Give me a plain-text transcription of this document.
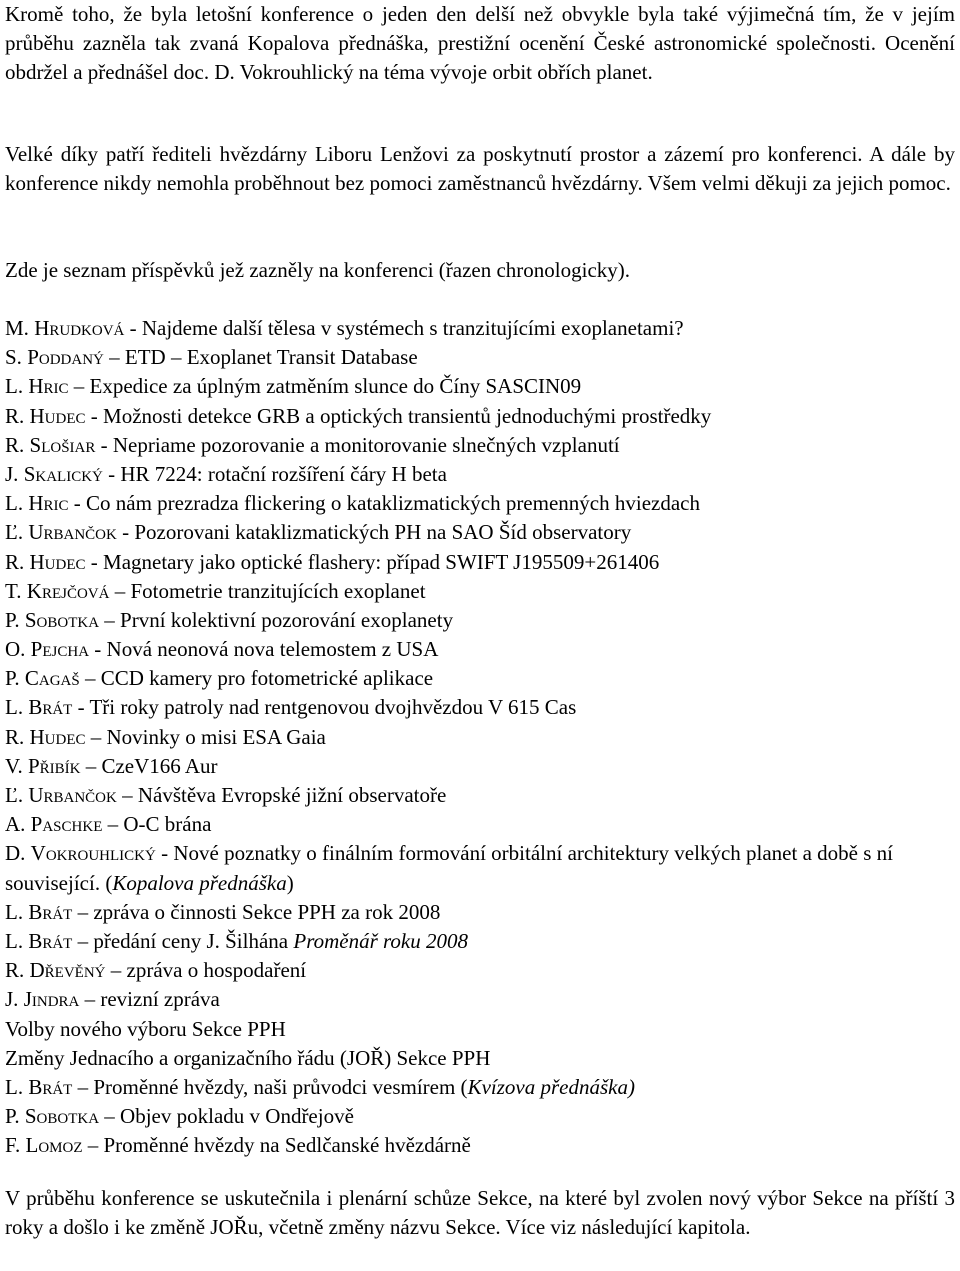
Kromě toho, že byla letošní konference o jeden den delší než obvykle byla také výjimečná tím, že v jejím průběhu zazněla tak zvaná Kopalova přednáška, prestižní ocenění České astronomické společnosti. Ocenění obdržel a přednášel doc. D. Vokrouhlický na téma vývoje orbit obřích planet.

Velké díky patří řediteli hvězdárny Liboru Lenžovi za poskytnutí prostor a zázemí pro konferenci. A dále by konference nikdy nemohla proběhnout bez pomoci zaměstnanců hvězdárny. Všem velmi děkuji za jejich pomoc.

Zde je seznam příspěvků jež zazněly na konferenci (řazen chronologicky).

M. Hrudková - Najdeme další tělesa v systémech s tranzitujícími exoplanetami?
S. Poddaný – ETD – Exoplanet Transit Database
L. Hric – Expedice za úplným zatměním slunce do Číny SASCIN09
R. Hudec - Možnosti detekce GRB a optických transientů jednoduchými prostředky
R. Slošiar - Nepriame pozorovanie a monitorovanie slnečných vzplanutí
J. Skalický - HR 7224: rotační rozšíření čáry H beta
L. Hric - Co nám prezradza flickering o kataklizmatických premenných hviezdach
Ľ. Urbančok - Pozorovani kataklizmatických PH na SAO Šíd observatory
R. Hudec - Magnetary jako optické flashery: případ SWIFT J195509+261406
T. Krejčová – Fotometrie tranzitujících exoplanet
P. Sobotka – První kolektivní pozorování exoplanety
O. Pejcha - Nová neonová nova telemostem z USA
P. Cagaš – CCD kamery pro fotometrické aplikace
L. Brát - Tři roky patroly nad rentgenovou dvojhvězdou V 615 Cas
R. Hudec – Novinky o misi ESA Gaia
V. Přibík – CzeV166 Aur
Ľ. Urbančok – Návštěva Evropské jižní observatoře
A. Paschke – O-C brána
D. Vokrouhlický - Nové poznatky o finálním formování orbitální architektury velkých planet a době s ní související. (Kopalova přednáška)
L. Brát – zpráva o činnosti Sekce PPH za rok 2008
L. Brát – předání ceny J. Šilhána Proměnář roku 2008
R. Dřevěný – zpráva o hospodaření
J. Jindra – revizní zpráva
Volby nového výboru Sekce PPH
Změny Jednacího a organizačního řádu (JOŘ) Sekce PPH
L. Brát – Proměnné hvězdy, naši průvodci vesmírem (Kvízova přednáška)
P. Sobotka – Objev pokladu v Ondřejově
F. Lomoz – Proměnné hvězdy na Sedlčanské hvězdárně

V průběhu konference se uskutečnila i plenární schůze Sekce, na které byl zvolen nový výbor Sekce na příští 3 roky a došlo i ke změně JOŘu, včetně změny názvu Sekce. Více viz následující kapitola.
